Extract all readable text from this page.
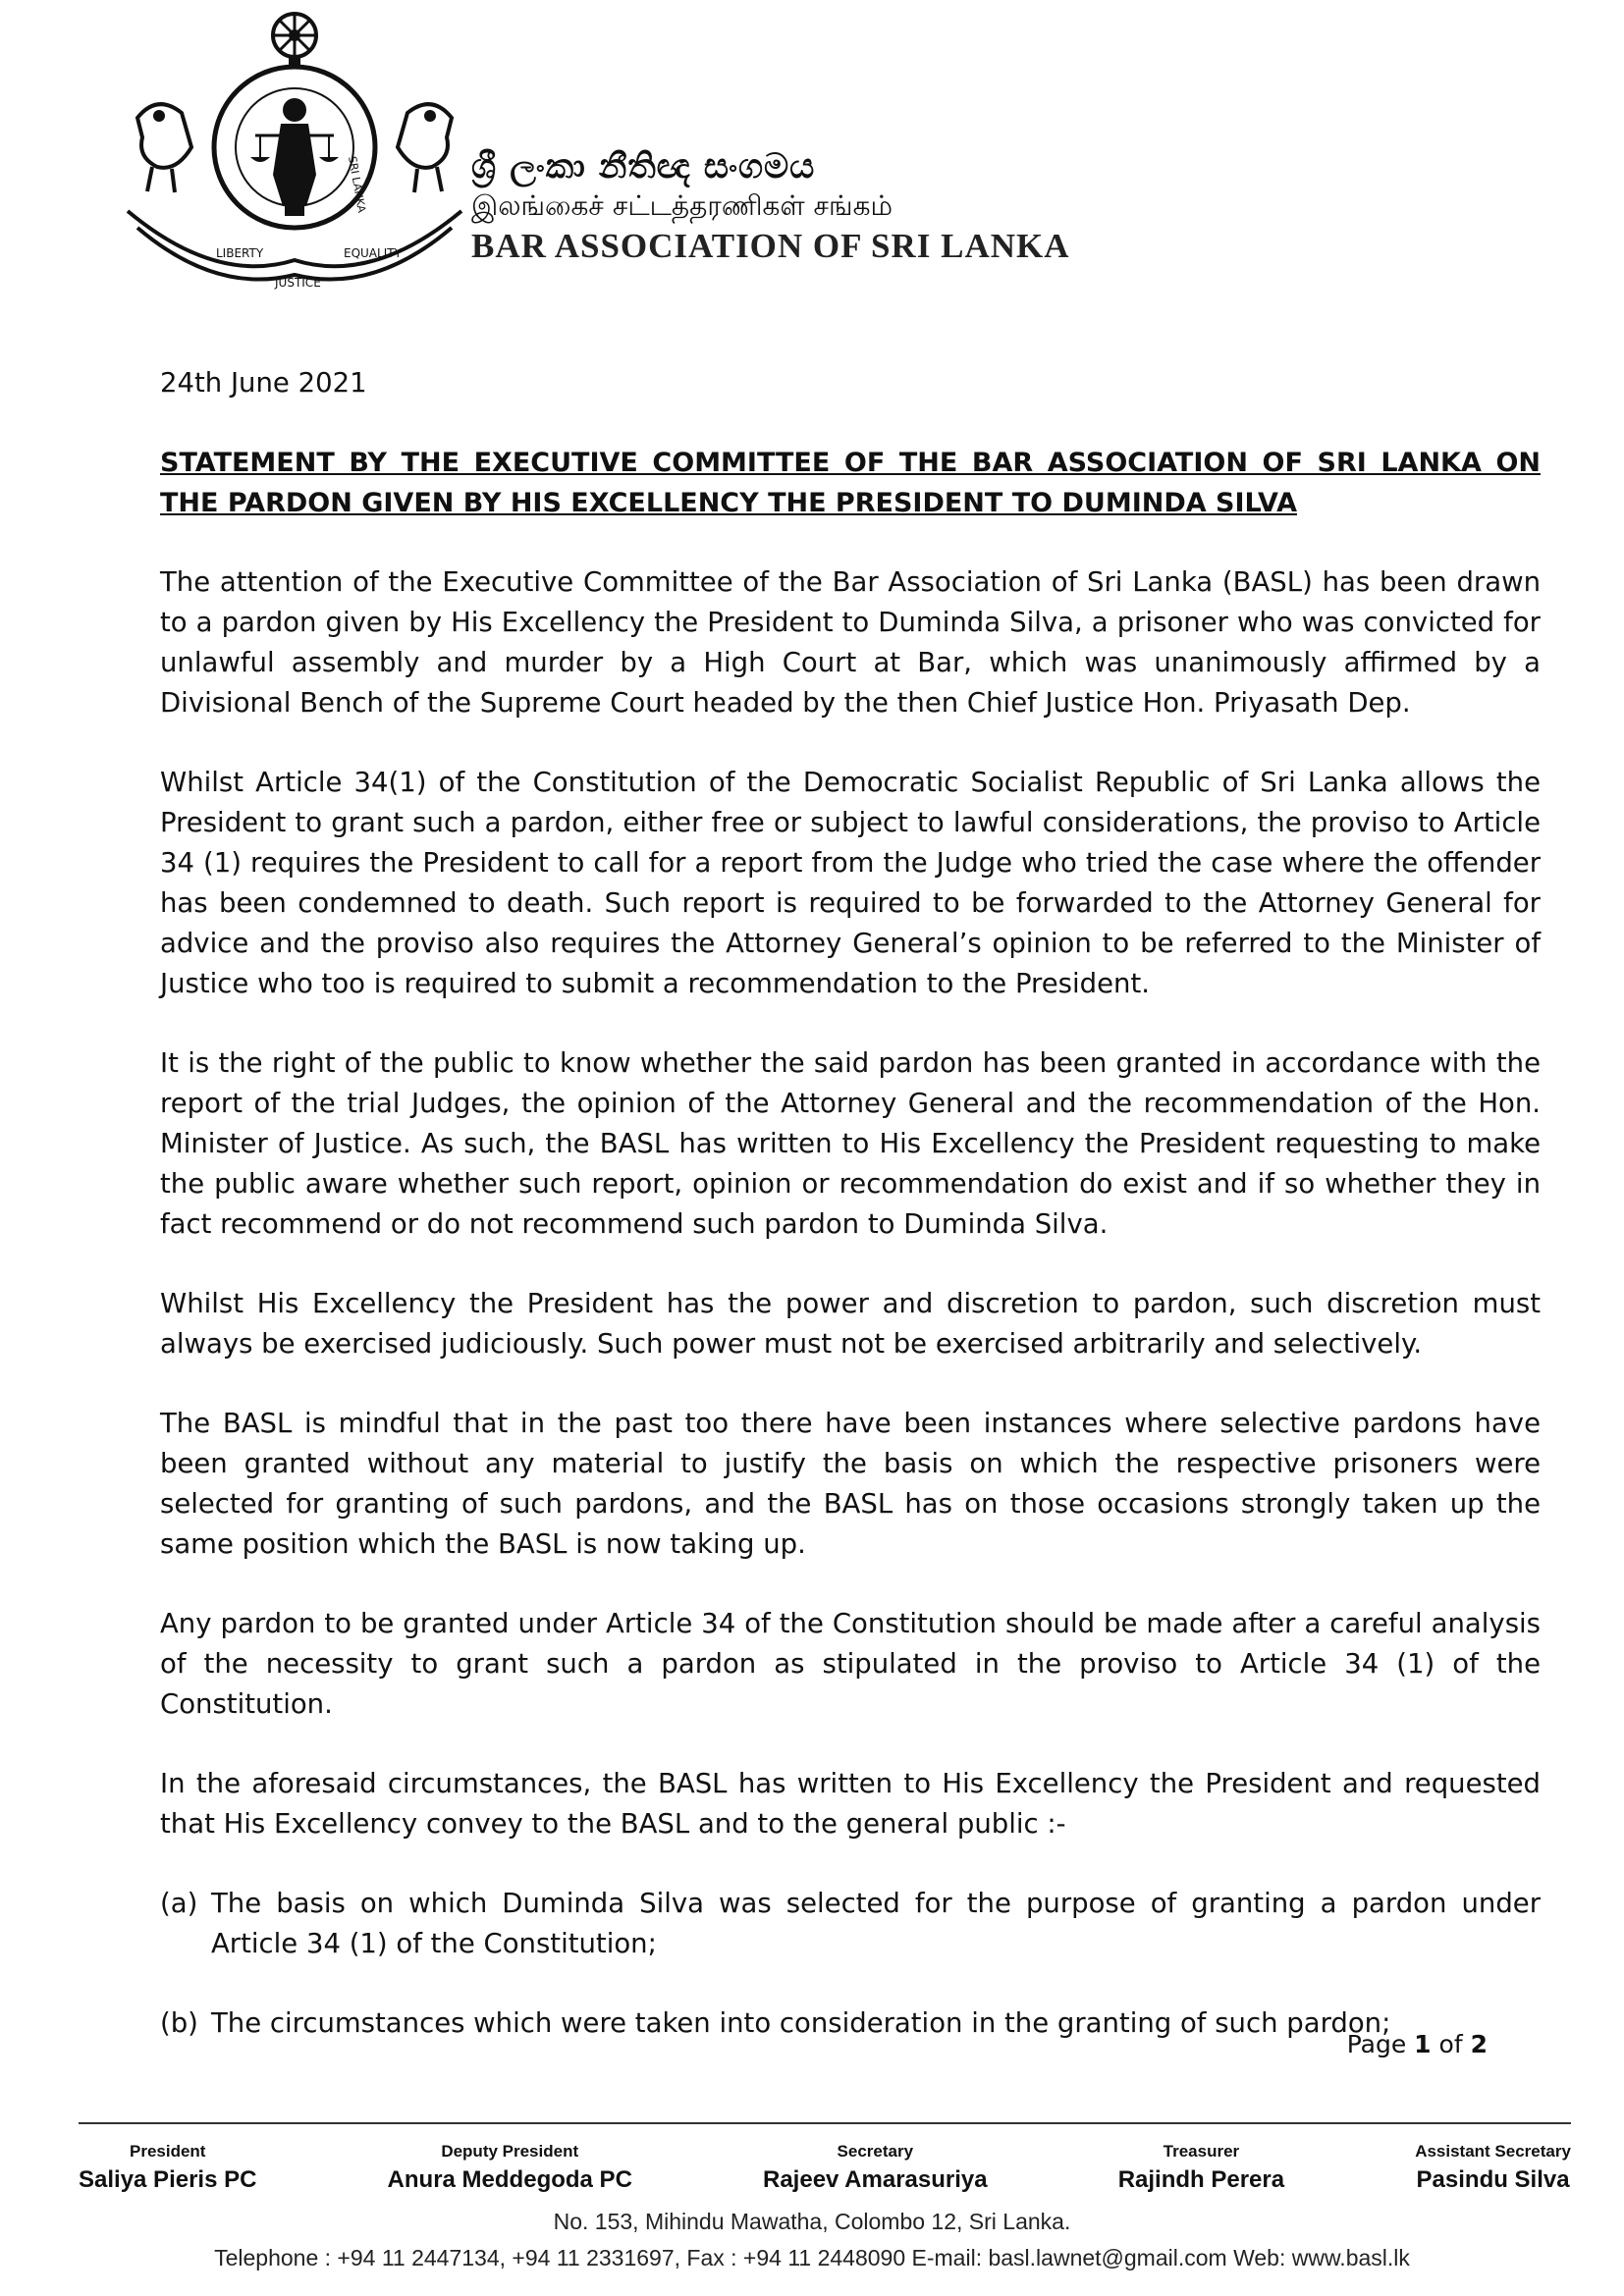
LIBERTY
JUSTICE
EQUALITY
SRI LANKA	ශ්‍රී ලංකා නීතිඥ සංගමය
இலங்கைச் சட்டத்தரணிகள் சங்கம்
BAR ASSOCIATION OF SRI LANKA
24th June 2021
STATEMENT BY THE EXECUTIVE COMMITTEE OF THE BAR ASSOCIATION OF SRI LANKA ON THE PARDON GIVEN BY HIS EXCELLENCY THE PRESIDENT TO DUMINDA SILVA
The attention of the Executive Committee of the Bar Association of Sri Lanka (BASL) has been drawn to a pardon given by His Excellency the President to Duminda Silva, a prisoner who was convicted for unlawful assembly and murder by a High Court at Bar, which was unanimously affirmed by a Divisional Bench of the Supreme Court headed by the then Chief Justice Hon. Priyasath Dep.
Whilst Article 34(1) of the Constitution of the Democratic Socialist Republic of Sri Lanka allows the President to grant such a pardon, either free or subject to lawful considerations, the proviso to Article 34 (1) requires the President to call for a report from the Judge who tried the case where the offender has been condemned to death. Such report is required to be forwarded to the Attorney General for advice and the proviso also requires the Attorney General’s opinion to be referred to the Minister of Justice who too is required to submit a recommendation to the President.
It is the right of the public to know whether the said pardon has been granted in accordance with the report of the trial Judges, the opinion of the Attorney General and the recommendation of the Hon. Minister of Justice. As such, the BASL has written to His Excellency the President requesting to make the public aware whether such report, opinion or recommendation do exist and if so whether they in fact recommend or do not recommend such pardon to Duminda Silva.
Whilst His Excellency the President has the power and discretion to pardon, such discretion must always be exercised judiciously. Such power must not be exercised arbitrarily and selectively.
The BASL is mindful that in the past too there have been instances where selective pardons have been granted without any material to justify the basis on which the respective prisoners were selected for granting of such pardons, and the BASL has on those occasions strongly taken up the same position which the BASL is now taking up.
Any pardon to be granted under Article 34 of the Constitution should be made after a careful analysis of the necessity to grant such a pardon as stipulated in the proviso to Article 34 (1) of the Constitution.
In the aforesaid circumstances, the BASL has written to His Excellency the President and requested that His Excellency convey to the BASL and to the general public :-
(a) The basis on which Duminda Silva was selected for the purpose of granting a pardon under Article 34 (1) of the Constitution;
(b) The circumstances which were taken into consideration in the granting of such pardon;
Page 1 of 2
President
Saliya Pieris PC
Deputy President
Anura Meddegoda PC
Secretary
Rajeev Amarasuriya
Treasurer
Rajindh Perera
Assistant Secretary
Pasindu Silva
No. 153, Mihindu Mawatha, Colombo 12, Sri Lanka.
Telephone : +94 11 2447134, +94 11 2331697, Fax : +94 11 2448090 E-mail: basl.lawnet@gmail.com Web: www.basl.lk
